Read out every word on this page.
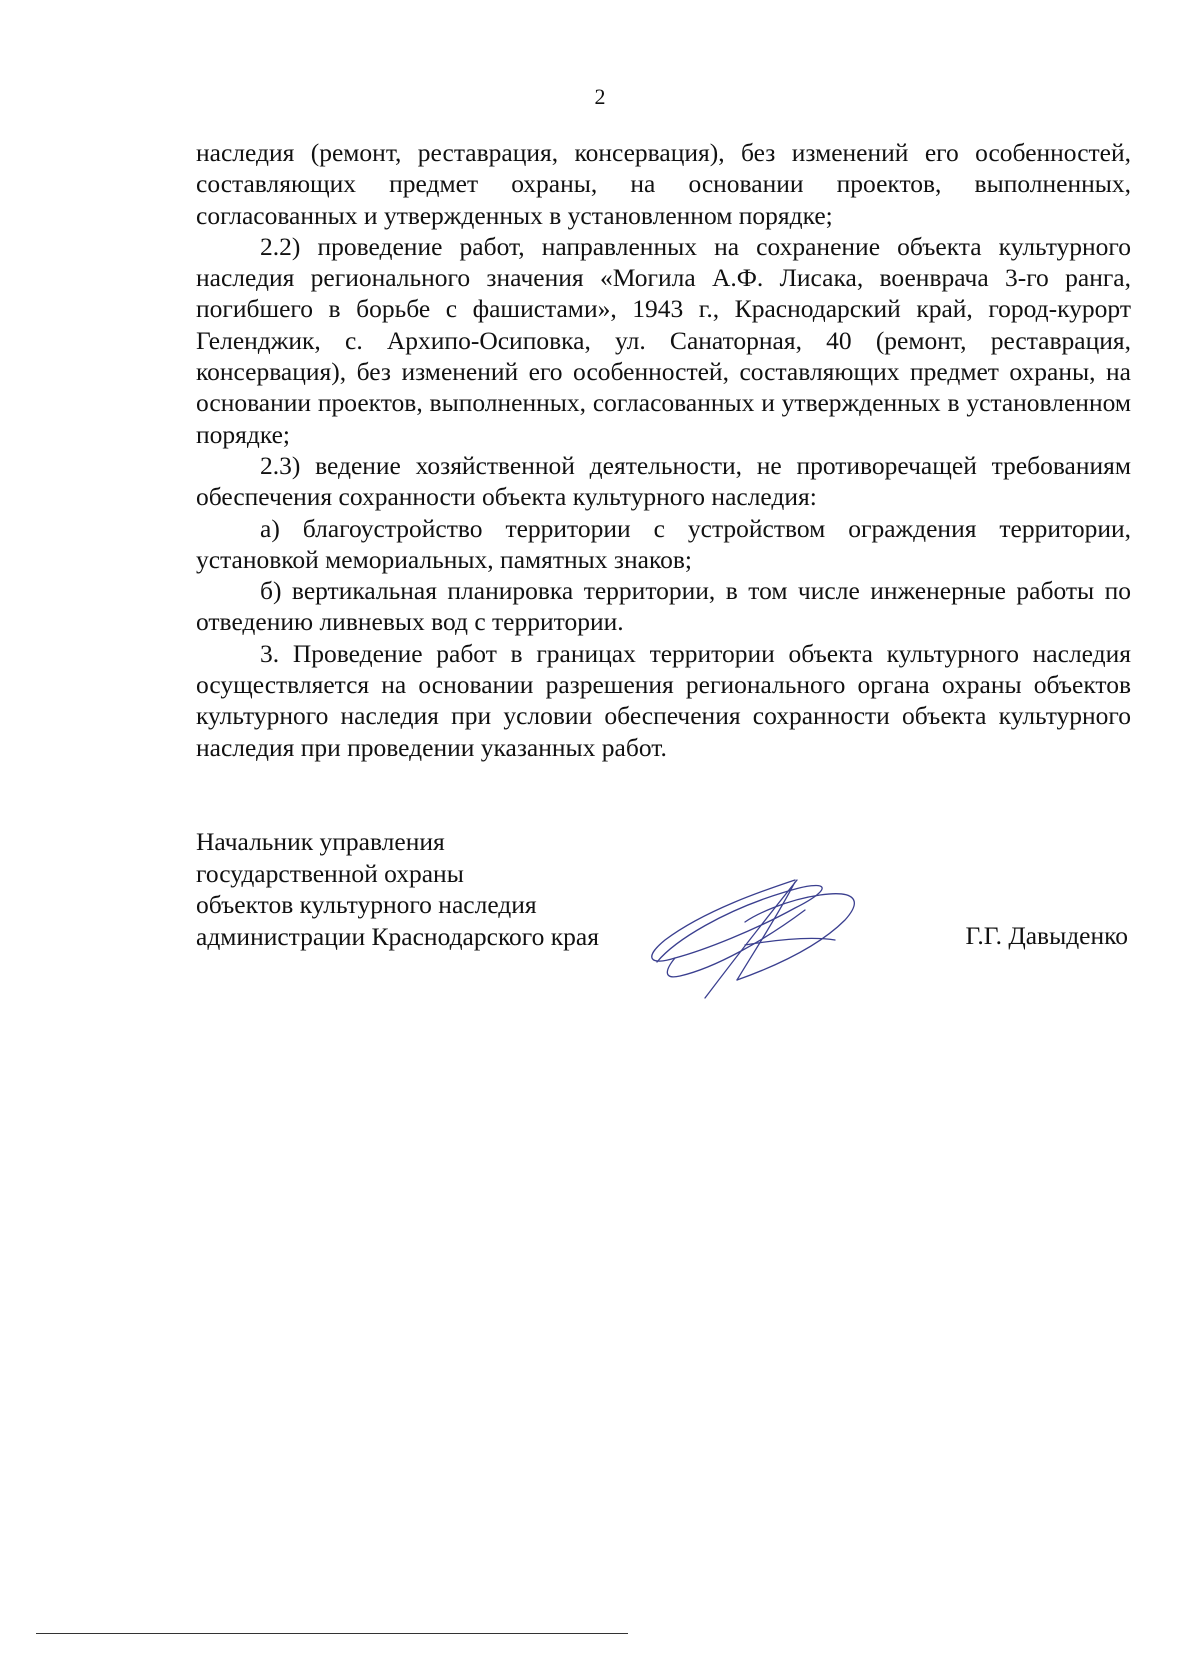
2

наследия (ремонт, реставрация, консервация), без изменений его особенностей, составляющих предмет охраны, на основании проектов, выполненных, согласованных и утвержденных в установленном порядке;

2.2) проведение работ, направленных на сохранение объекта культурного наследия регионального значения «Могила А.Ф. Лисака, военврача 3-го ранга, погибшего в борьбе с фашистами», 1943 г., Краснодарский край, город-курорт Геленджик, с. Архипо-Осиповка, ул. Санаторная, 40 (ремонт, реставрация, консервация), без изменений его особенностей, составляющих предмет охраны, на основании проектов, выполненных, согласованных и утвержденных в установленном порядке;

2.3) ведение хозяйственной деятельности, не противоречащей требованиям обеспечения сохранности объекта культурного наследия:

а) благоустройство территории с устройством ограждения территории, установкой мемориальных, памятных знаков;

б) вертикальная планировка территории, в том числе инженерные работы по отведению ливневых вод с территории.

3. Проведение работ в границах территории объекта культурного наследия осуществляется на основании разрешения регионального органа охраны объектов культурного наследия при условии обеспечения сохранности объекта культурного наследия при проведении указанных работ.

Начальник управления
государственной охраны
объектов культурного наследия
администрации Краснодарского края	Г.Г. Давыденко
